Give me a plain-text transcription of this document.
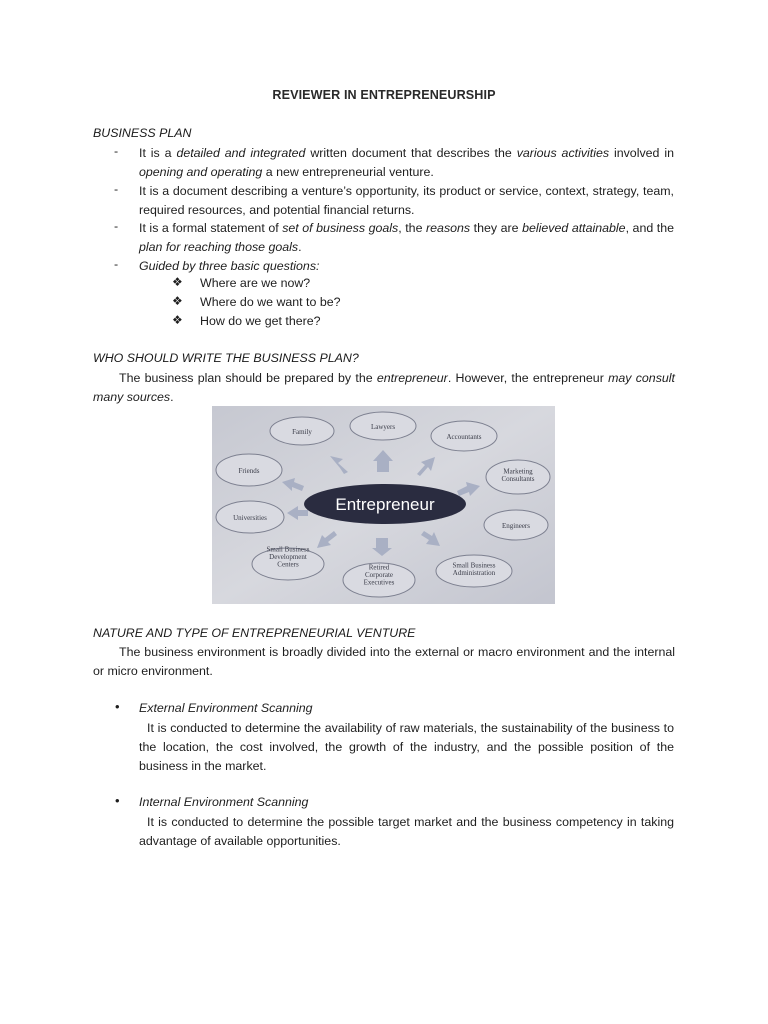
REVIEWER IN ENTREPRENEURSHIP
BUSINESS PLAN
- It is a detailed and integrated written document that describes the various activities involved in opening and operating a new entrepreneurial venture.
- It is a document describing a venture’s opportunity, its product or service, context, strategy, team, required resources, and potential financial returns.
- It is a formal statement of set of business goals, the reasons they are believed attainable, and the plan for reaching those goals.
- Guided by three basic questions:
❖ Where are we now?
❖ Where do we want to be?
❖ How do we get there?
WHO SHOULD WRITE THE BUSINESS PLAN?
The business plan should be prepared by the entrepreneur. However, the entrepreneur may consult many sources.
Entrepreneur
Family
Lawyers
Accountants
Marketing Consultants
Engineers
Small Business Administration
Retired Corporate Executives
Small Business Development Centers
Universities
Friends
NATURE AND TYPE OF ENTREPRENEURIAL VENTURE
The business environment is broadly divided into the external or macro environment and the internal or micro environment.
• External Environment Scanning
It is conducted to determine the availability of raw materials, the sustainability of the business to the location, the cost involved, the growth of the industry, and the possible position of the business in the market.
• Internal Environment Scanning
It is conducted to determine the possible target market and the business competency in taking advantage of available opportunities.
